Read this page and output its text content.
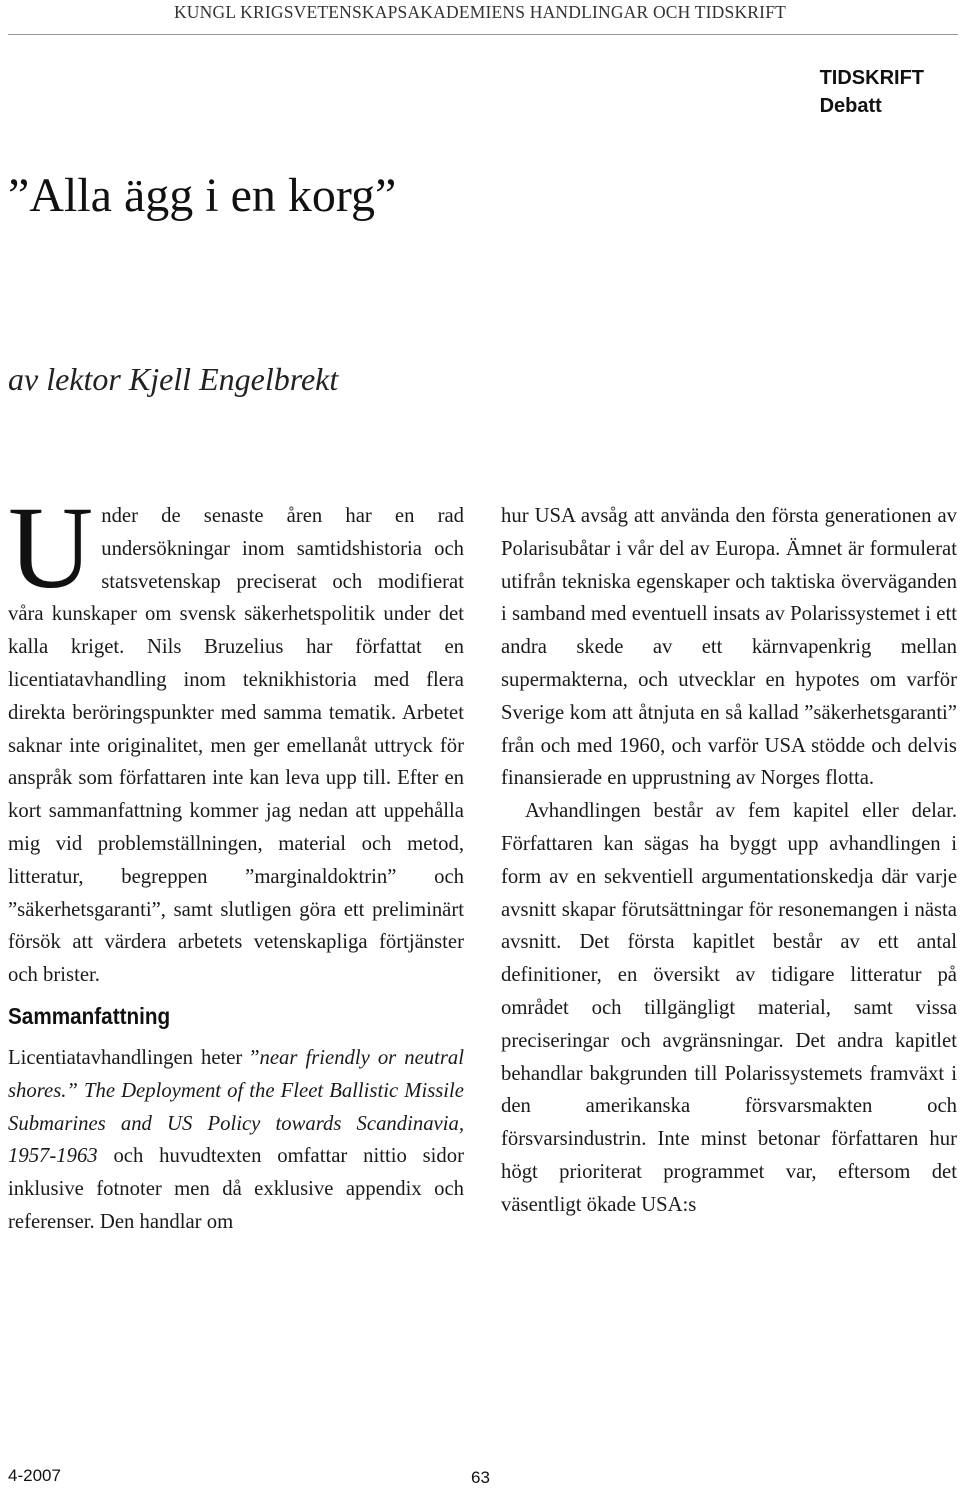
KUNGL KRIGSVETENSKAPSAKADEMIENS HANDLINGAR OCH TIDSKRIFT
TIDSKRIFT
Debatt
”Alla ägg i en korg”
av lektor Kjell Engelbrekt

Under de senaste åren har en rad undersökningar inom samtidshistoria och statsvetenskap preciserat och modifierat våra kunskaper om svensk säkerhetspolitik under det kalla kriget. Nils Bruzelius har författat en licentiatavhandling inom teknikhistoria med flera direkta beröringspunkter med samma tematik. Arbetet saknar inte originalitet, men ger emellanåt uttryck för anspråk som författaren inte kan leva upp till. Efter en kort sammanfattning kommer jag nedan att uppehålla mig vid problemställningen, material och metod, litteratur, begreppen ”marginaldoktrin” och ”säkerhetsgaranti”, samt slutligen göra ett preliminärt försök att värdera arbetets vetenskapliga förtjänster och brister.

Sammanfattning

Licentiatavhandlingen heter ”near friendly or neutral shores.” The Deployment of the Fleet Ballistic Missile Submarines and US Policy towards Scandinavia, 1957-1963 och huvudtexten omfattar nittio sidor inklusive fotnoter men då exklusive appendix och referenser. Den handlar om

hur USA avsåg att använda den första generationen av Polarisubåtar i vår del av Europa. Ämnet är formulerat utifrån tekniska egenskaper och taktiska överväganden i samband med eventuell insats av Polarissystemet i ett andra skede av ett kärnvapenkrig mellan supermakterna, och utvecklar en hypotes om varför Sverige kom att åtnjuta en så kallad ”säkerhetsgaranti” från och med 1960, och varför USA stödde och delvis finansierade en upprustning av Norges flotta.

Avhandlingen består av fem kapitel eller delar. Författaren kan sägas ha byggt upp avhandlingen i form av en sekventiell argumentationskedja där varje avsnitt skapar förutsättningar för resonemangen i nästa avsnitt. Det första kapitlet består av ett antal definitioner, en översikt av tidigare litteratur på området och tillgängligt material, samt vissa preciseringar och avgränsningar. Det andra kapitlet behandlar bakgrunden till Polarissystemets framväxt i den amerikanska försvarsmakten och försvarsindustrin. Inte minst betonar författaren hur högt prioriterat programmet var, eftersom det väsentligt ökade USA:s

4-2007	63
